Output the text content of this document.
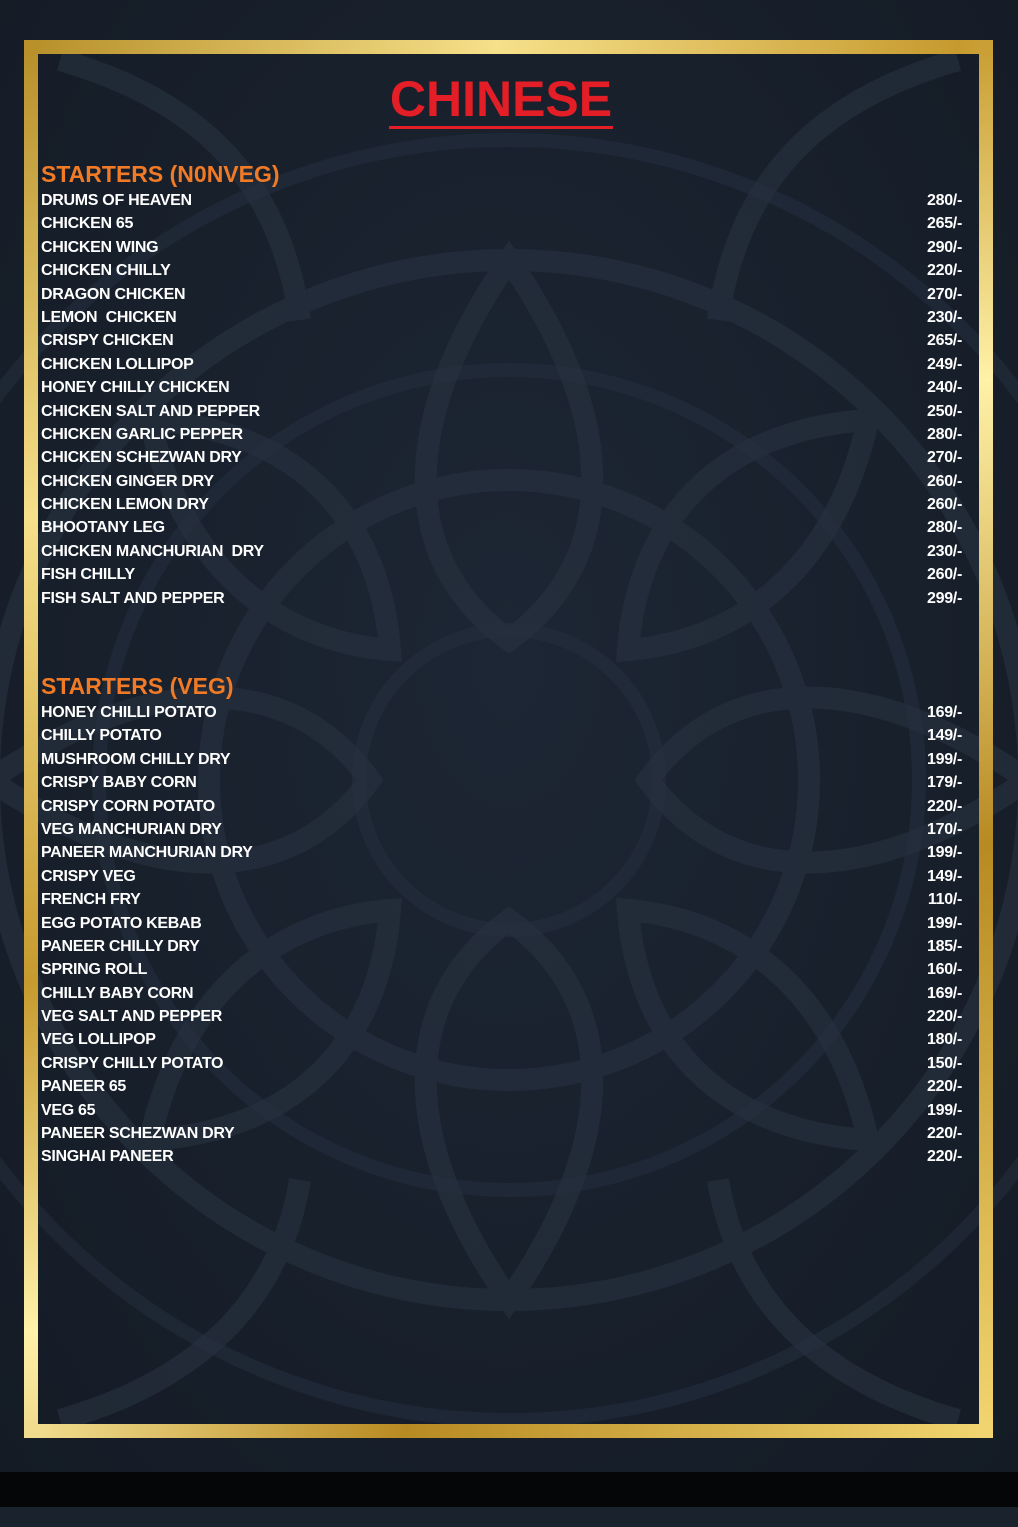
CHINESE
STARTERS (N0NVEG)
DRUMS OF HEAVEN	280/-
CHICKEN 65	265/-
CHICKEN WING	290/-
CHICKEN CHILLY	220/-
DRAGON CHICKEN	270/-
LEMON  CHICKEN	230/-
CRISPY CHICKEN	265/-
CHICKEN LOLLIPOP	249/-
HONEY CHILLY CHICKEN	240/-
CHICKEN SALT AND PEPPER	250/-
CHICKEN GARLIC PEPPER	280/-
CHICKEN SCHEZWAN DRY	270/-
CHICKEN GINGER DRY	260/-
CHICKEN LEMON DRY	260/-
BHOOTANY LEG	280/-
CHICKEN MANCHURIAN  DRY	230/-
FISH CHILLY	260/-
FISH SALT AND PEPPER	299/-
STARTERS (VEG)
HONEY CHILLI POTATO	169/-
CHILLY POTATO	149/-
MUSHROOM CHILLY DRY	199/-
CRISPY BABY CORN	179/-
CRISPY CORN POTATO	220/-
VEG MANCHURIAN DRY	170/-
PANEER MANCHURIAN DRY	199/-
CRISPY VEG	149/-
FRENCH FRY	110/-
EGG POTATO KEBAB	199/-
PANEER CHILLY DRY	185/-
SPRING ROLL	160/-
CHILLY BABY CORN	169/-
VEG SALT AND PEPPER	220/-
VEG LOLLIPOP	180/-
CRISPY CHILLY POTATO	150/-
PANEER 65	220/-
VEG 65	199/-
PANEER SCHEZWAN DRY	220/-
SINGHAI PANEER	220/-
